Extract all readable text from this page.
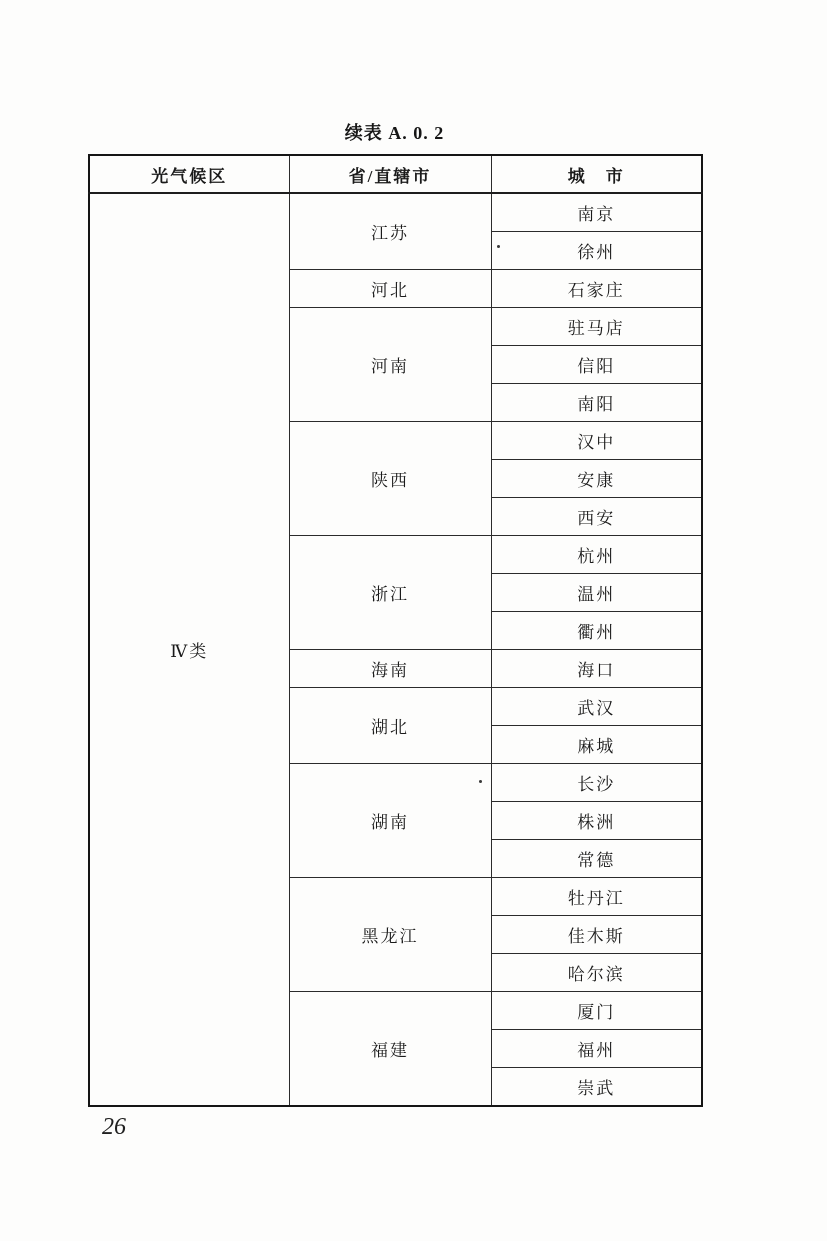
续表 A. 0. 2
光气候区	省/直辖市	城　市
Ⅳ类	江苏	南京
		徐州
	河北	石家庄
	河南	驻马店
		信阳
		南阳
	陕西	汉中
		安康
		西安
	浙江	杭州
		温州
		衢州
	海南	海口
	湖北	武汉
		麻城
	湖南	长沙
		株洲
		常德
	黑龙江	牡丹江
		佳木斯
		哈尔滨
	福建	厦门
		福州
		崇武
26
